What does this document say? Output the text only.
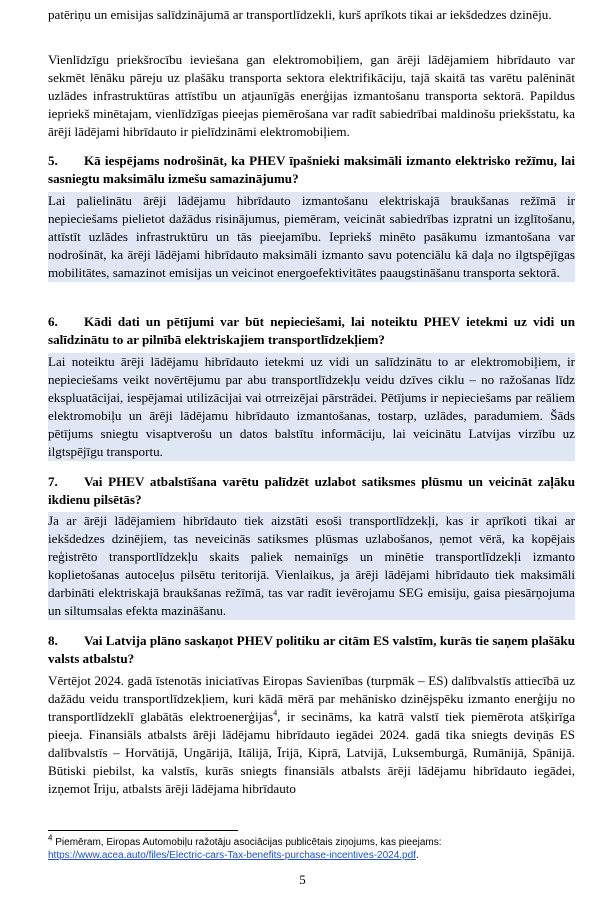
patēriņu un emisijas salīdzinājumā ar transportlīdzekli, kurš aprīkots tikai ar iekšdedzes dzinēju.

Vienlīdzīgu priekšrocību ieviešana gan elektromobiļiem, gan ārēji lādējamiem hibrīdauto var sekmēt lēnāku pāreju uz plašāku transporta sektora elektrifikāciju, tajā skaitā tas varētu palēnināt uzlādes infrastruktūras attīstību un atjaunīgās enerģijas izmantošanu transporta sektorā. Papildus iepriekš minētajam, vienlīdzīgas pieejas piemērošana var radīt sabiedrībai maldinošu priekšstatu, ka ārēji lādējami hibrīdauto ir pielīdzināmi elektromobiļiem.

5. Kā iespējams nodrošināt, ka PHEV īpašnieki maksimāli izmanto elektrisko režīmu, lai sasniegtu maksimālu izmešu samazinājumu?

Lai palielinātu ārēji lādējamu hibrīdauto izmantošanu elektriskajā braukšanas režīmā ir nepieciešams pielietot dažādus risinājumus, piemēram, veicināt sabiedrības izpratni un izglītošanu, attīstīt uzlādes infrastruktūru un tās pieejamību. Iepriekš minēto pasākumu izmantošana var nodrošināt, ka ārēji lādējami hibrīdauto maksimāli izmanto savu potenciālu kā daļa no ilgtspējīgas mobilitātes, samazinot emisijas un veicinot energoefektivitātes paaugstināšanu transporta sektorā.

6. Kādi dati un pētījumi var būt nepieciešami, lai noteiktu PHEV ietekmi uz vidi un salīdzinātu to ar pilnībā elektriskajiem transportlīdzekļiem?

Lai noteiktu ārēji lādējamu hibrīdauto ietekmi uz vidi un salīdzinātu to ar elektromobiļiem, ir nepieciešams veikt novērtējumu par abu transportlīdzekļu veidu dzīves ciklu – no ražošanas līdz ekspluatācijai, iespējamai utilizācijai vai otrreizējai pārstrādei. Pētījums ir nepieciešams par reāliem elektromobiļu un ārēji lādējamu hibrīdauto izmantošanas, tostarp, uzlādes, paradumiem. Šāds pētījums sniegtu visaptverošu un datos balstītu informāciju, lai veicinātu Latvijas virzību uz ilgtspējīgu transportu.

7. Vai PHEV atbalstīšana varētu palīdzēt uzlabot satiksmes plūsmu un veicināt zaļāku ikdienu pilsētās?

Ja ar ārēji lādējamiem hibrīdauto tiek aizstāti esoši transportlīdzekļi, kas ir aprīkoti tikai ar iekšdedzes dzinējiem, tas neveicinās satiksmes plūsmas uzlabošanos, ņemot vērā, ka kopējais reģistrēto transportlīdzekļu skaits paliek nemainīgs un minētie transportlīdzekļi izmanto koplietošanas autoceļus pilsētu teritorijā. Vienlaikus, ja ārēji lādējami hibrīdauto tiek maksimāli darbināti elektriskajā braukšanas režīmā, tas var radīt ievērojamu SEG emisiju, gaisa piesārņojuma un siltumsalas efekta mazināšanu.

8. Vai Latvija plāno saskaņot PHEV politiku ar citām ES valstīm, kurās tie saņem plašāku valsts atbalstu?

Vērtējot 2024. gadā īstenotās iniciatīvas Eiropas Savienības (turpmāk – ES) dalībvalstīs attiecībā uz dažādu veidu transportlīdzekļiem, kuri kādā mērā par mehānisko dzinējspēku izmanto enerģiju no transportlīdzeklī glabātās elektroenerģijas$^4$, ir secināms, ka katrā valstī tiek piemērota atšķirīga pieeja. Finansiāls atbalsts ārēji lādējamu hibrīdauto iegādei 2024. gadā tika sniegts deviņās ES dalībvalstīs – Horvātijā, Ungārijā, Itālijā, Īrijā, Kiprā, Latvijā, Luksemburgā, Rumānijā, Spānijā. Būtiski piebilst, ka valstīs, kurās sniegts finansiāls atbalsts ārēji lādējamu hibrīdauto iegādei, izņemot Īriju, atbalsts ārēji lādējama hibrīdauto

$^4$ Piemēram, Eiropas Automobiļu ražotāju asociācijas publicētais ziņojums, kas pieejams:
https://www.acea.auto/files/Electric-cars-Tax-benefits-purchase-incentives-2024.pdf.
5
